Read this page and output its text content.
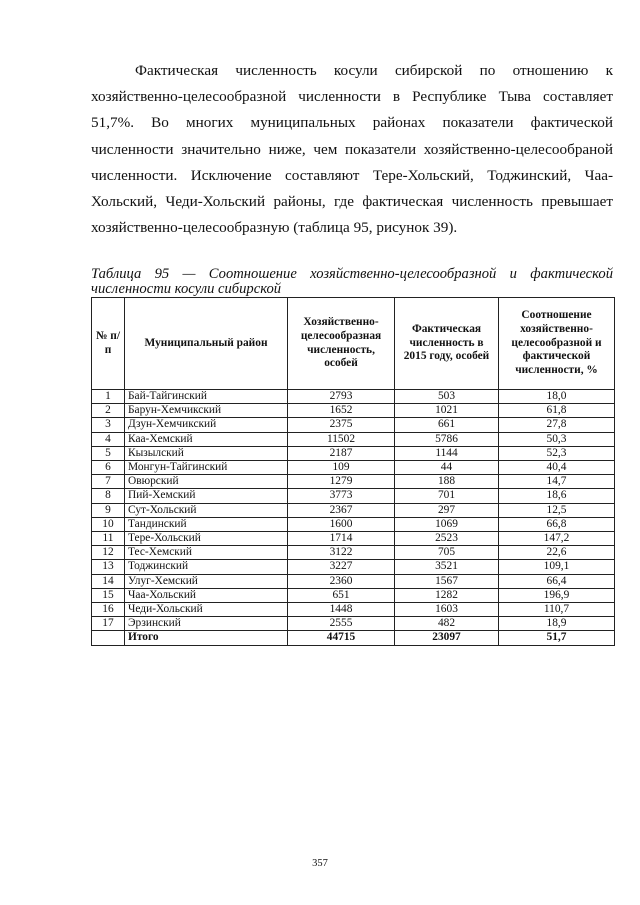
Фактическая численность косули сибирской по отношению к хозяйственно-целесообразной численности в Республике Тыва составляет 51,7%. Во многих муниципальных районах показатели фактической численности значительно ниже, чем показатели хозяйственно-целесообраной численности. Исключение составляют Тере-Хольский, Тоджинский, Чаа-Хольский, Чеди-Хольский районы, где фактическая численность превышает хозяйственно-целесообразную (таблица 95, рисунок 39).

Таблица 95 — Соотношение хозяйственно-целесообразной и фактической численности косули сибирской

№ п/п	Муниципальный район	Хозяйственно-целесообразная численность, особей	Фактическая численность в 2015 году, особей	Соотношение хозяйственно-целесообразной и фактической численности, %
1	Бай-Тайгинский	2793	503	18,0
2	Барун-Хемчикский	1652	1021	61,8
3	Дзун-Хемчикский	2375	661	27,8
4	Каа-Хемский	11502	5786	50,3
5	Кызылский	2187	1144	52,3
6	Монгун-Тайгинский	109	44	40,4
7	Овюрский	1279	188	14,7
8	Пий-Хемский	3773	701	18,6
9	Сут-Хольский	2367	297	12,5
10	Тандинский	1600	1069	66,8
11	Тере-Хольский	1714	2523	147,2
12	Тес-Хемский	3122	705	22,6
13	Тоджинский	3227	3521	109,1
14	Улуг-Хемский	2360	1567	66,4
15	Чаа-Хольский	651	1282	196,9
16	Чеди-Хольский	1448	1603	110,7
17	Эрзинский	2555	482	18,9
	Итого	44715	23097	51,7
357
